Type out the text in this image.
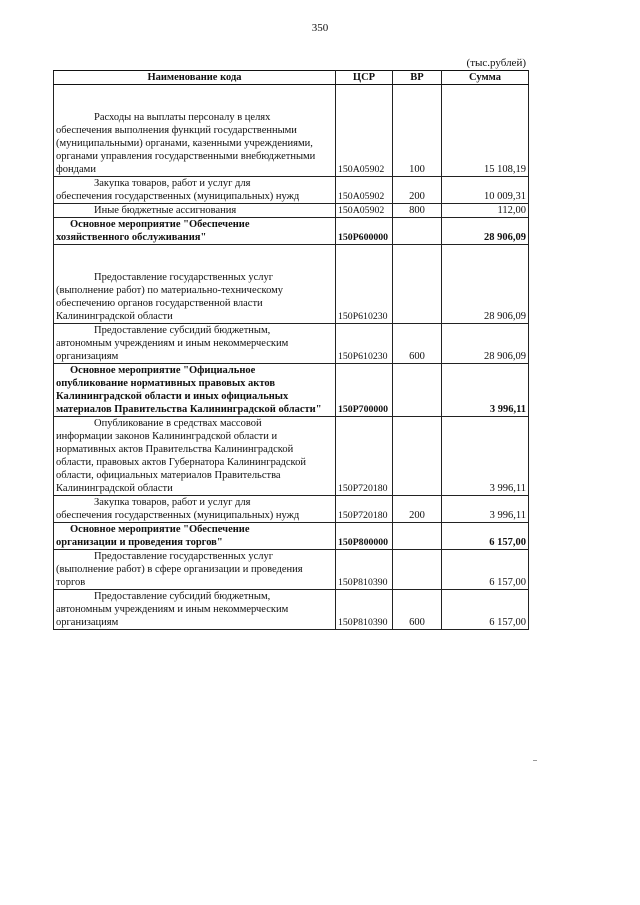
350
(тыс.рублей)
Наименование кода	ЦСР	ВР	Сумма

Расходы на выплаты персоналу в целях
обеспечения выполнения функций государственными (муниципальными) органами, казенными учреждениями, органами управления государственными внебюджетными фондами	150А05902	100	15 108,19

Закупка товаров, работ и услуг для
обеспечения государственных (муниципальных) нужд	150А05902	200	10 009,31

Иные бюджетные ассигнования	150А05902	800	112,00

Основное мероприятие "Обеспечение
хозяйственного обслуживания"	150Р600000		28 906,09

Предоставление государственных услуг
(выполнение работ) по материально-техническому обеспечению органов государственной власти Калининградской области	150Р610230		28 906,09

Предоставление субсидий бюджетным,
автономным учреждениям и иным некоммерческим организациям	150Р610230	600	28 906,09

Основное мероприятие "Официальное
опубликование нормативных правовых актов Калининградской области и иных официальных материалов Правительства Калининградской области"	150Р700000		3 996,11

Опубликование в средствах массовой
информации законов Калининградской области и нормативных актов Правительства Калининградской области, правовых актов Губернатора Калининградской области, официальных материалов Правительства Калининградской области	150Р720180		3 996,11

Закупка товаров, работ и услуг для
обеспечения государственных (муниципальных) нужд	150Р720180	200	3 996,11

Основное мероприятие "Обеспечение
организации и проведения торгов"	150Р800000		6 157,00

Предоставление государственных услуг
(выполнение работ) в сфере организации и проведения торгов	150Р810390		6 157,00

Предоставление субсидий бюджетным,
автономным учреждениям и иным некоммерческим организациям	150Р810390	600	6 157,00
